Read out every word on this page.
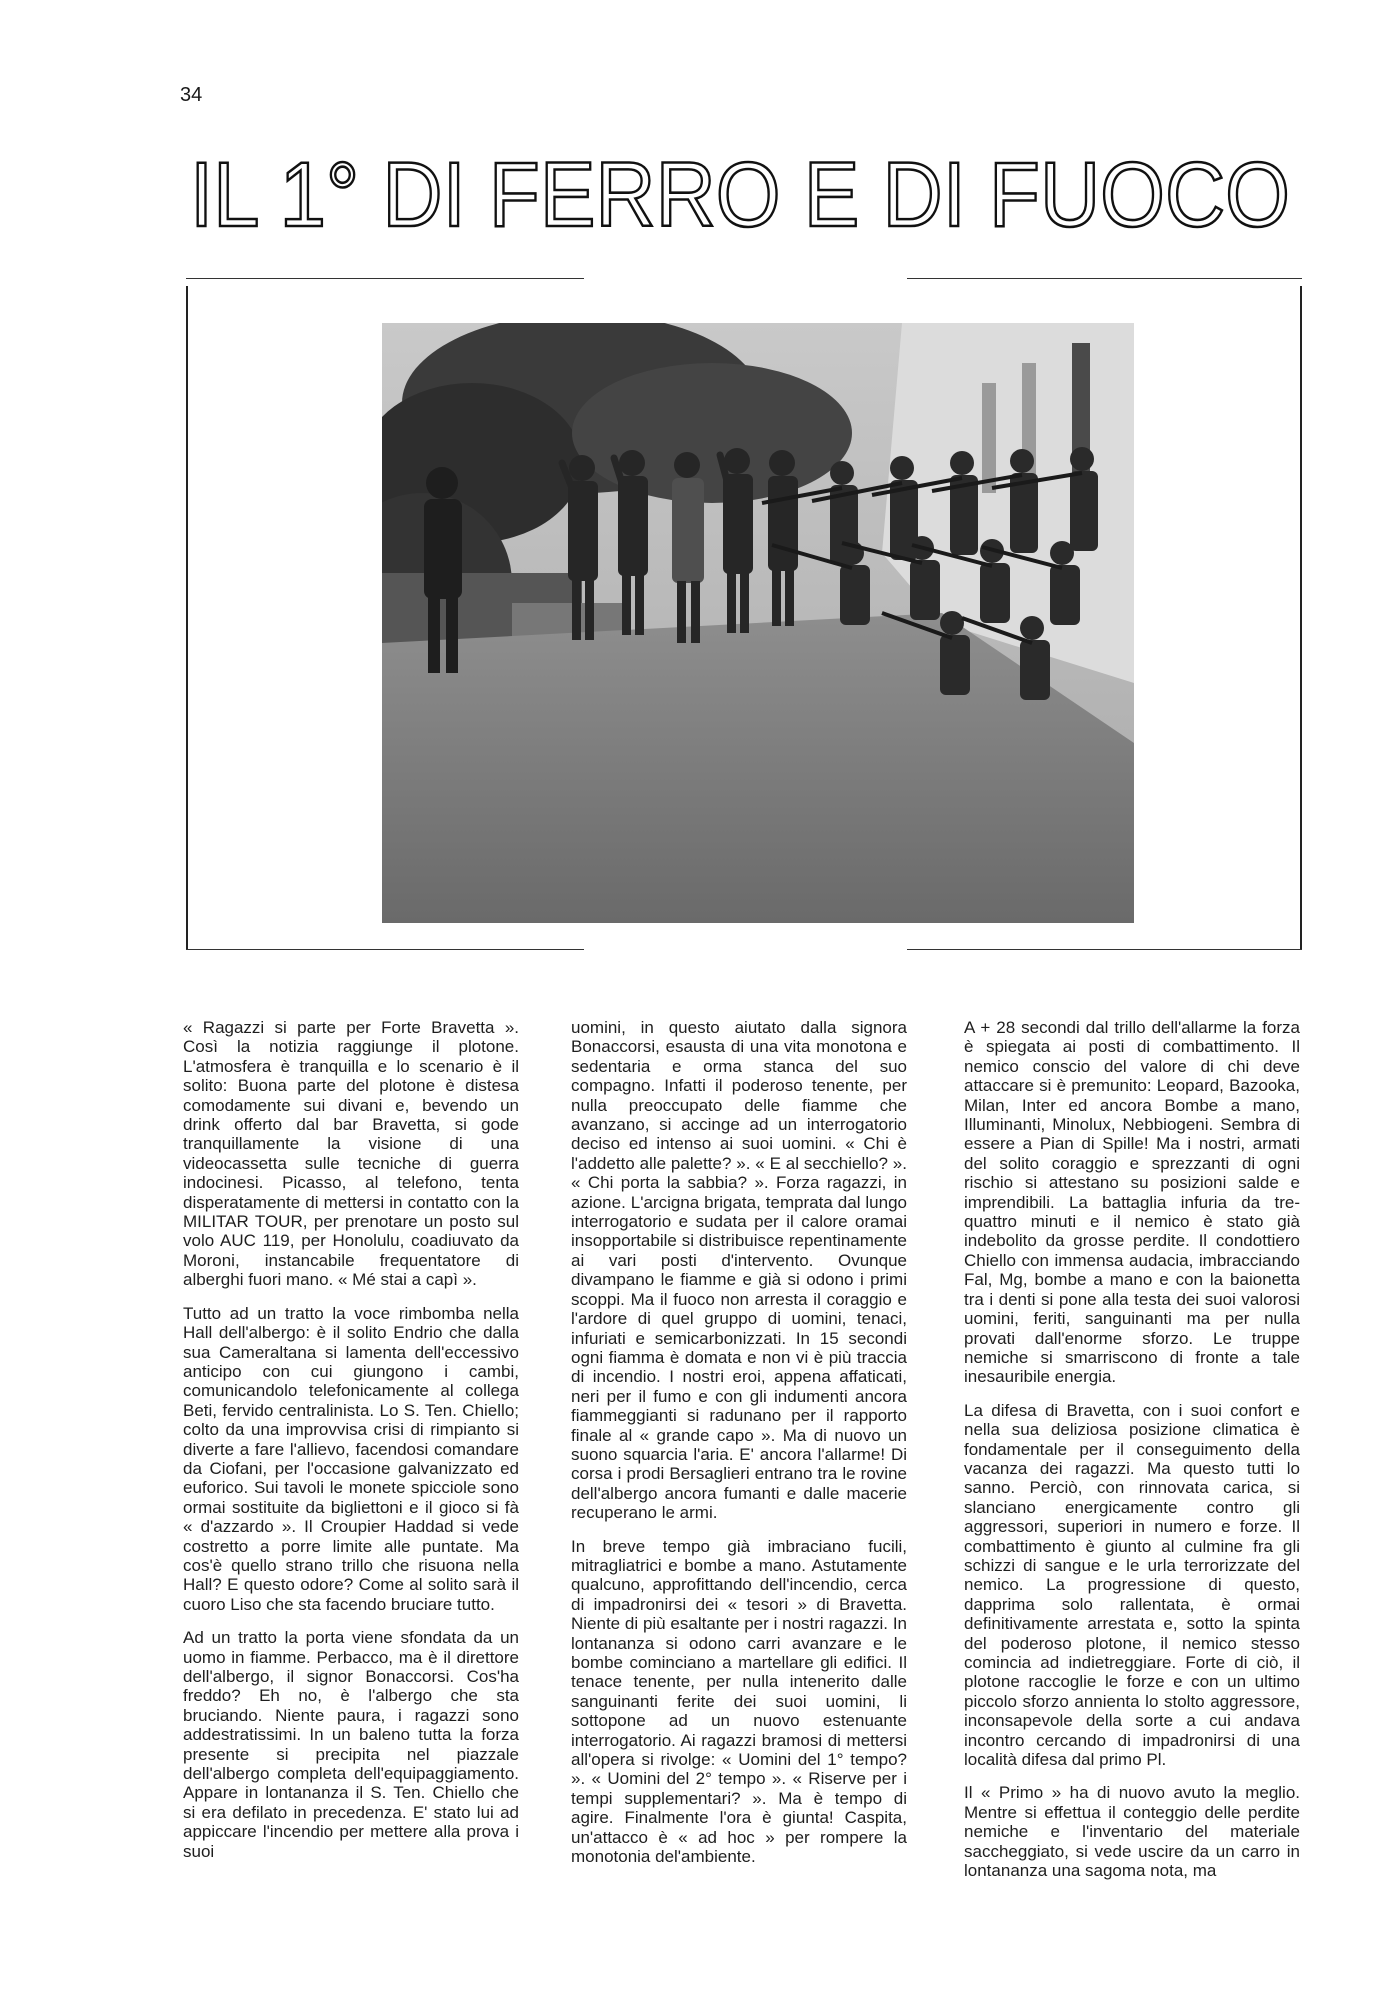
34
IL 1° DI FERRO E DI FUOCO

« Ragazzi si parte per Forte Bravetta ». Così la notizia raggiunge il plotone. L'atmosfera è tranquilla e lo scenario è il solito: Buona parte del plotone è distesa comodamente sui divani e, bevendo un drink offerto dal bar Bravetta, si gode tranquillamente la visione di una videocassetta sulle tecniche di guerra indocinesi. Picasso, al telefono, tenta disperatamente di mettersi in contatto con la MILITAR TOUR, per prenotare un posto sul volo AUC 119, per Honolulu, coadiuvato da Moroni, instancabile frequentatore di alberghi fuori mano. « Mé stai a capì ».

Tutto ad un tratto la voce rimbomba nella Hall dell'albergo: è il solito Endrio che dalla sua Cameraltana si lamenta dell'eccessivo anticipo con cui giungono i cambi, comunicandolo telefonicamente al collega Beti, fervido centralinista. Lo S. Ten. Chiello; colto da una improvvisa crisi di rimpianto si diverte a fare l'allievo, facendosi comandare da Ciofani, per l'occasione galvanizzato ed euforico. Sui tavoli le monete spicciole sono ormai sostituite da bigliettoni e il gioco si fà « d'azzardo ». Il Croupier Haddad si vede costretto a porre limite alle puntate. Ma cos'è quello strano trillo che risuona nella Hall? E questo odore? Come al solito sarà il cuoro Liso che sta facendo bruciare tutto.

Ad un tratto la porta viene sfondata da un uomo in fiamme. Perbacco, ma è il direttore dell'albergo, il signor Bonaccorsi. Cos'ha freddo? Eh no, è l'albergo che sta bruciando. Niente paura, i ragazzi sono addestratissimi. In un baleno tutta la forza presente si precipita nel piazzale dell'albergo completa dell'equipaggiamento. Appare in lontananza il S. Ten. Chiello che si era defilato in precedenza. E' stato lui ad appiccare l'incendio per mettere alla prova i suoi

uomini, in questo aiutato dalla signora Bonaccorsi, esausta di una vita monotona e sedentaria e orma stanca del suo compagno. Infatti il poderoso tenente, per nulla preoccupato delle fiamme che avanzano, si accinge ad un interrogatorio deciso ed intenso ai suoi uomini. « Chi è l'addetto alle palette? ». « E al secchiello? ». « Chi porta la sabbia? ». Forza ragazzi, in azione. L'arcigna brigata, temprata dal lungo interrogatorio e sudata per il calore oramai insopportabile si distribuisce repentinamente ai vari posti d'intervento. Ovunque divampano le fiamme e già si odono i primi scoppi. Ma il fuoco non arresta il coraggio e l'ardore di quel gruppo di uomini, tenaci, infuriati e semicarbonizzati. In 15 secondi ogni fiamma è domata e non vi è più traccia di incendio. I nostri eroi, appena affaticati, neri per il fumo e con gli indumenti ancora fiammeggianti si radunano per il rapporto finale al « grande capo ». Ma di nuovo un suono squarcia l'aria. E' ancora l'allarme! Di corsa i prodi Bersaglieri entrano tra le rovine dell'albergo ancora fumanti e dalle macerie recuperano le armi.

In breve tempo già imbraciano fucili, mitragliatrici e bombe a mano. Astutamente qualcuno, approfittando dell'incendio, cerca di impadronirsi dei « tesori » di Bravetta. Niente di più esaltante per i nostri ragazzi. In lontananza si odono carri avanzare e le bombe cominciano a martellare gli edifici. Il tenace tenente, per nulla intenerito dalle sanguinanti ferite dei suoi uomini, li sottopone ad un nuovo estenuante interrogatorio. Ai ragazzi bramosi di mettersi all'opera si rivolge: « Uomini del 1° tempo? ». « Uomini del 2° tempo ». « Riserve per i tempi supplementari? ». Ma è tempo di agire. Finalmente l'ora è giunta! Caspita, un'attacco è « ad hoc » per rompere la monotonia del'ambiente.

A + 28 secondi dal trillo dell'allarme la forza è spiegata ai posti di combattimento. Il nemico conscio del valore di chi deve attaccare si è premunito: Leopard, Bazooka, Milan, Inter ed ancora Bombe a mano, Illuminanti, Minolux, Nebbiogeni. Sembra di essere a Pian di Spille! Ma i nostri, armati del solito coraggio e sprezzanti di ogni rischio si attestano su posizioni salde e imprendibili. La battaglia infuria da tre-quattro minuti e il nemico è stato già indebolito da grosse perdite. Il condottiero Chiello con immensa audacia, imbracciando Fal, Mg, bombe a mano e con la baionetta tra i denti si pone alla testa dei suoi valorosi uomini, feriti, sanguinanti ma per nulla provati dall'enorme sforzo. Le truppe nemiche si smarriscono di fronte a tale inesauribile energia.

La difesa di Bravetta, con i suoi confort e nella sua deliziosa posizione climatica è fondamentale per il conseguimento della vacanza dei ragazzi. Ma questo tutti lo sanno. Perciò, con rinnovata carica, si slanciano energicamente contro gli aggressori, superiori in numero e forze. Il combattimento è giunto al culmine fra gli schizzi di sangue e le urla terrorizzate del nemico. La progressione di questo, dapprima solo rallentata, è ormai definitivamente arrestata e, sotto la spinta del poderoso plotone, il nemico stesso comincia ad indietreggiare. Forte di ciò, il plotone raccoglie le forze e con un ultimo piccolo sforzo annienta lo stolto aggressore, inconsapevole della sorte a cui andava incontro cercando di impadronirsi di una località difesa dal primo Pl.

Il « Primo » ha di nuovo avuto la meglio. Mentre si effettua il conteggio delle perdite nemiche e l'inventario del materiale saccheggiato, si vede uscire da un carro in lontananza una sagoma nota, ma
